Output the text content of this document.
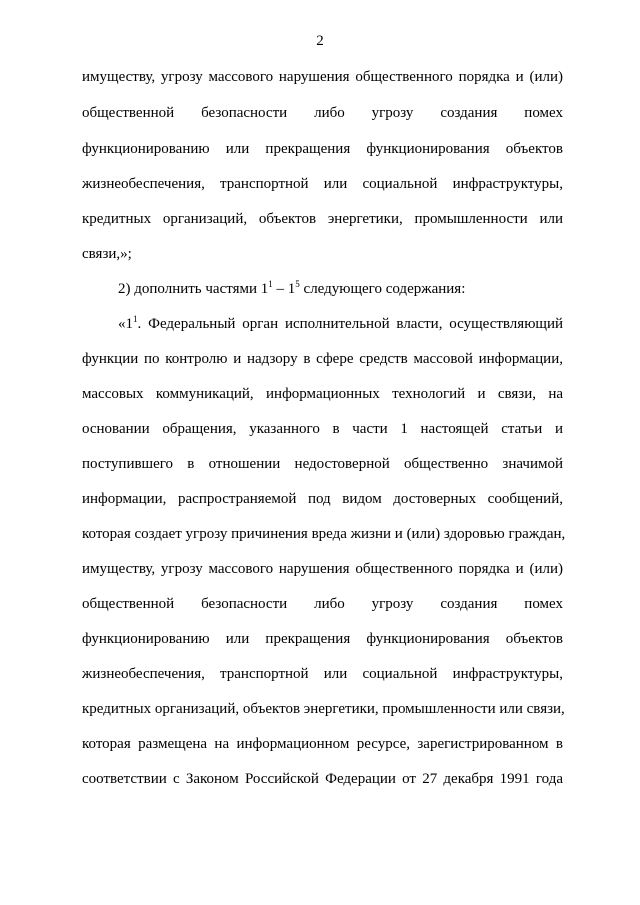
2
имуществу, угрозу массового нарушения общественного порядка и (или)
общественной безопасности либо угрозу создания помех
функционированию или прекращения функционирования объектов
жизнеобеспечения, транспортной или социальной инфраструктуры,
кредитных организаций, объектов энергетики, промышленности или
связи,»;
2) дополнить частями $1^1 - 1^5$ следующего содержания:
«$1^1$. Федеральный орган исполнительной власти, осуществляющий
функции по контролю и надзору в сфере средств массовой информации,
массовых коммуникаций, информационных технологий и связи, на
основании обращения, указанного в части 1 настоящей статьи и
поступившего в отношении недостоверной общественно значимой
информации, распространяемой под видом достоверных сообщений,
которая создает угрозу причинения вреда жизни и (или) здоровью граждан,
имуществу, угрозу массового нарушения общественного порядка и (или)
общественной безопасности либо угрозу создания помех
функционированию или прекращения функционирования объектов
жизнеобеспечения, транспортной или социальной инфраструктуры,
кредитных организаций, объектов энергетики, промышленности или связи,
которая размещена на информационном ресурсе, зарегистрированном в
соответствии с Законом Российской Федерации от 27 декабря 1991 года
